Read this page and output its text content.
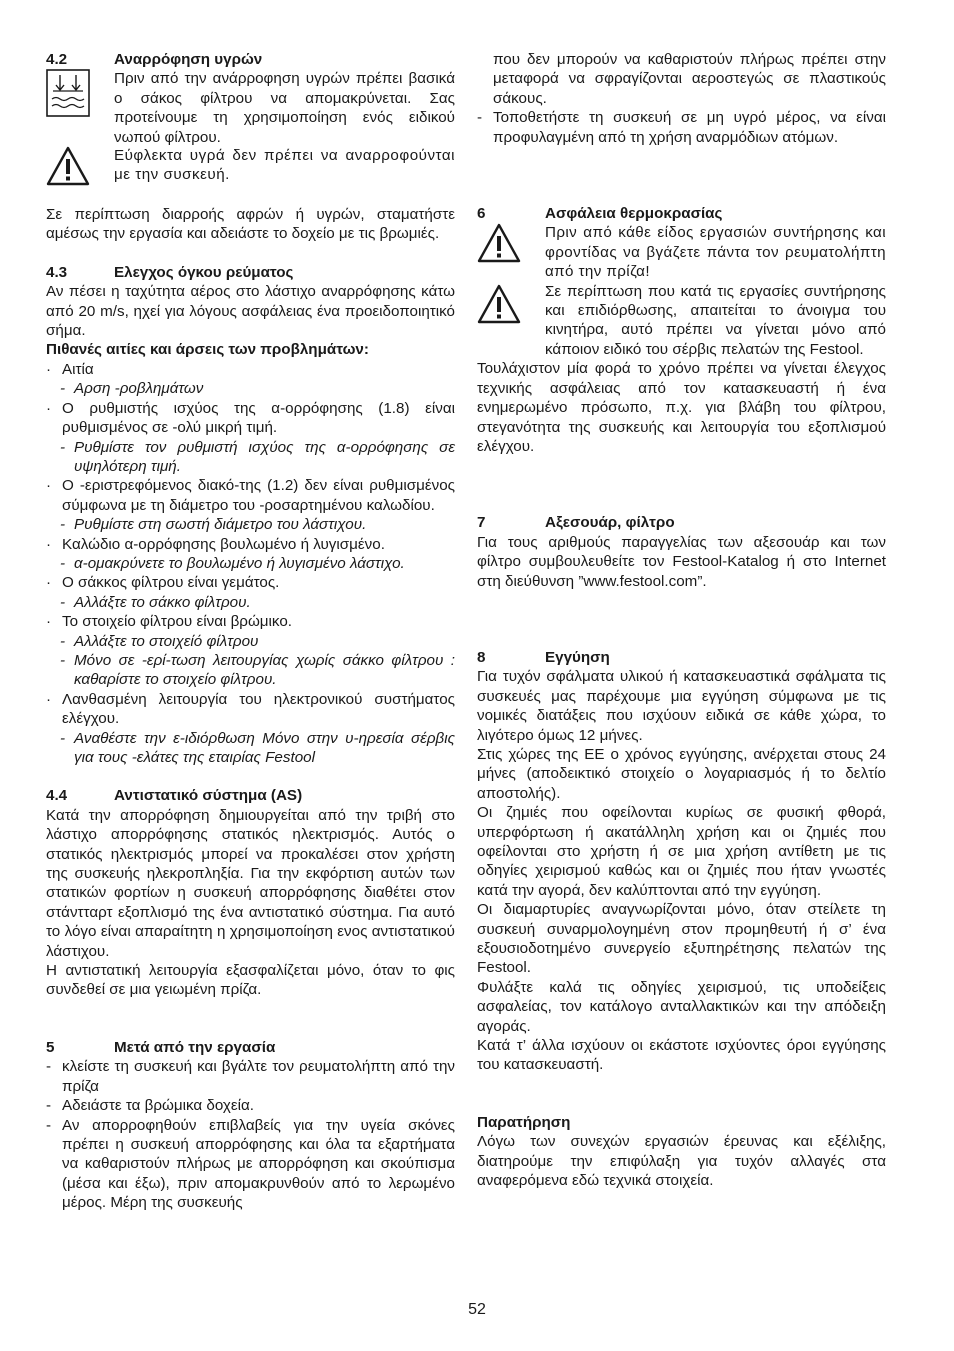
4.2	Αναρρόφηση υγρών
Πριν από την ανάρροφηση υγρών πρέπει βασικά ο σάκος φίλτρου να απομακρύνεται. Σας προτείνουμε τη χρησιμοποίηση ενός ειδικού νωπού φίλτρου.
Εύφλεκτα υγρά δεν πρέπει να αναρροφούνται με την συσκευή.

Σε περίπτωση διαρροής αφρών ή υγρών, σταματήστε αμέσως την εργασία και αδειάστε το δοχείο με τις βρωμιές.

4.3	Ελεγχος όγκου ρεύματος

Αν πέσει η ταχύτητα αέρος στο λάστιχο αναρρόφησης κάτω από 20 m/s, ηχεί για λόγους ασφάλειας ένα προειδοποιητικό σήμα.

Πιθανές αιτίες και άρσεις των προβλημάτων:

· Αιτία
- Αρση -ροβλημάτων
· Ο ρυθμιστής ισχύος της α-ορρόφησης (1.8) είναι ρυθμισμένος σε -ολύ μικρή τιμή.
- Ρυθμίστε τον ρυθμιστή ισχύος της α-ορρόφησης σε υψηλότερη τιμή.
· Ο -εριστρεφόμενος διακό-της (1.2) δεν είναι ρυθμισμένος σύμφωνα με τη διάμετρο του -ροσαρτημένου καλωδίου.
- Ρυθμίστε στη σωστή διάμετρο του λάστιχου.
· Καλώδιο α-ορρόφησης βουλωμένο ή λυγισμένο.
- α-ομακρύνετε το βουλωμένο ή λυγισμένο λάστιχο.
· Ο σάκκος φίλτρου είναι γεμάτος.
- Αλλάξτε το σάκκο φίλτρου.
· Το στοιχείο φίλτρου είναι βρώμικο.
- Αλλάξτε το στοιχείό φίλτρου
- Μόνο σε -ερί-τωση λειτουργίας χωρίς σάκκο φίλτρου : καθαρίστε το στοιχείο φίλτρου.
· Λανθασμένη λειτουργία του ηλεκτρονικού συστήματος ελέγχου.
- Αναθέστε την ε-ιδιόρθωση Μόνο στην υ-ηρεσία σέρβις για τους -ελάτες της εταιρίας Festool
4.4	Αντιστατικό σύστημα (AS)

Κατά την απορρόφηση δημιουργείται από την τριβή στο λάστιχο απορρόφησης στατικός ηλεκτρισμός. Αυτός ο στατικός ηλεκτρισμός μπορεί να προκαλέσει στον χρήστη της συσκευής ηλεκροπληξία. Για την εκφόρτιση αυτών των στατικών φορτίων η συσκευή απορρόφησης διαθέτει στον στάντταρτ εξοπλισμό της ένα αντιστατικό σύστημα. Για αυτό το λόγο είναι απαραίτητη η χρησιμοποίηση ενος αντιστατικού λάστιχου.

Η αντιστατική λειτουργία εξασφαλίζεται μόνο, όταν το φις συνδεθεί σε μια γειωμένη πρίζα.

5	Μετά από την εργασία
- κλείστε τη συσκευή και βγάλτε τον ρευματολήπτη από την πρίζα
- Αδειάστε τα βρώμικα δοχεία.
- Αν απορροφηθούν επιβλαβείς για την υγεία σκόνες πρέπει η συσκευή απορρόφησης και όλα τα εξαρτήματα να καθαριστούν πλήρως με απορρόφηση και σκούπισμα (μέσα και έξω), πριν απομακρυνθούν από το λερωμένο μέρος. Μέρη της συσκευής
που δεν μπορούν να καθαριστούν πλήρως πρέπει στην μεταφορά να σφραγίζονται αεροστεγώς σε πλαστικούς σάκους.
- Τοποθετήστε τη συσκευή σε μη υγρό μέρος, να είναι προφυλαγμένη από τη χρήση αναρμόδιων ατόμων.
6	Ασφάλεια θερμοκρασίας
Πριν από κάθε είδος εργασιών συντήρησης και φροντίδας να βγάζετε πάντα τον ρευματολήπτη από την πρίζα!
Σε περίπτωση που κατά τις εργασίες συντήρησης και επιδιόρθωσης, απαιτείται το άνοιγμα του κινητήρα, αυτό πρέπει να γίνεται μόνο από κάποιον ειδικό του σέρβις πελατών της Festool.

Τουλάχιστον μία φορά το χρόνο πρέπει να γίνεται έλεγχος τεχνικής ασφάλειας από τον κατασκευαστή ή ένα ενημερωμένο πρόσωπο, π.χ. για βλάβη του φίλτρου, στεγανότητα της συσκευής και λειτουργία του εξοπλισμού ελέγχου.

7	Αξεσουάρ, φίλτρο

Για τους αριθμούς παραγγελίας των αξεσουάρ και των φίλτρο συμβουλευθείτε τον Festool-Katalog ή στο Internet στη διεύθυνση ”www.festool.com”.

8	Εγγύηση

Για τυχόν σφάλματα υλικού ή κατασκευαστικά σφάλματα τις συσκευές μας παρέχουμε μια εγγύηση σύμφωνα με τις νομικές διατάξεις που ισχύουν ειδικά σε κάθε χώρα, το λιγότερο όμως 12 μήνες.

Στις χώρες της ΕΕ ο χρόνος εγγύησης, ανέρχεται στους 24 μήνες (αποδεικτικό στοιχείο ο λογαριασμός ή το δελτίο αποστολής).

Οι ζημιές που οφείλονται κυρίως σε φυσική φθορά, υπερφόρτωση ή ακατάλληλη χρήση και οι ζημιές που οφείλονται στο χρήστη ή σε μια χρήση αντίθετη με τις οδηγίες χειρισμού καθώς και οι ζημιές που ήταν γνωστές κατά την αγορά, δεν καλύπτονται από την εγγύηση.

Οι διαμαρτυρίες αναγνωρίζονται μόνο, όταν στείλετε τη συσκευή συναρμολογημένη στον προμηθευτή ή σ’ ένα εξουσιοδοτημένο συνεργείο εξυπηρέτησης πελατών της Festool.

Φυλάξτε καλά τις οδηγίες χειρισμού, τις υποδείξεις ασφαλείας, τον κατάλογο ανταλλακτικών και την απόδειξη αγοράς.

Κατά τ’ άλλα ισχύουν οι εκάστοτε ισχύοντες όροι εγγύησης του κατασκευαστή.

Παρατήρηση

Λόγω των συνεχών εργασιών έρευνας και εξέλιξης, διατηρούμε την επιφύλαξη για τυχόν αλλαγές στα αναφερόμενα εδώ τεχνικά στοιχεία.

52
